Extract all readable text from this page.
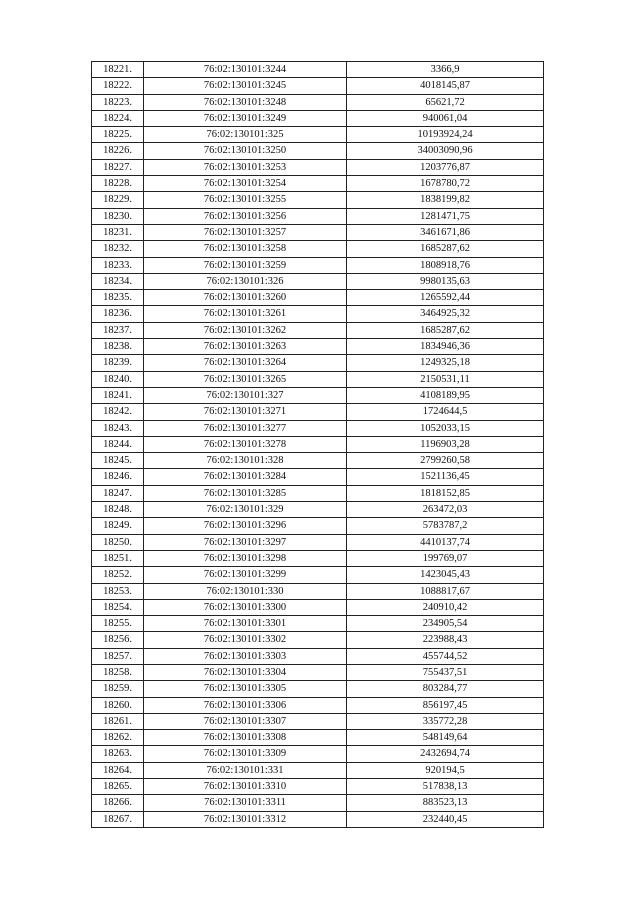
18221.	76:02:130101:3244	3366,9
18222.	76:02:130101:3245	4018145,87
18223.	76:02:130101:3248	65621,72
18224.	76:02:130101:3249	940061,04
18225.	76:02:130101:325	10193924,24
18226.	76:02:130101:3250	34003090,96
18227.	76:02:130101:3253	1203776,87
18228.	76:02:130101:3254	1678780,72
18229.	76:02:130101:3255	1838199,82
18230.	76:02:130101:3256	1281471,75
18231.	76:02:130101:3257	3461671,86
18232.	76:02:130101:3258	1685287,62
18233.	76:02:130101:3259	1808918,76
18234.	76:02:130101:326	9980135,63
18235.	76:02:130101:3260	1265592,44
18236.	76:02:130101:3261	3464925,32
18237.	76:02:130101:3262	1685287,62
18238.	76:02:130101:3263	1834946,36
18239.	76:02:130101:3264	1249325,18
18240.	76:02:130101:3265	2150531,11
18241.	76:02:130101:327	4108189,95
18242.	76:02:130101:3271	1724644,5
18243.	76:02:130101:3277	1052033,15
18244.	76:02:130101:3278	1196903,28
18245.	76:02:130101:328	2799260,58
18246.	76:02:130101:3284	1521136,45
18247.	76:02:130101:3285	1818152,85
18248.	76:02:130101:329	263472,03
18249.	76:02:130101:3296	5783787,2
18250.	76:02:130101:3297	4410137,74
18251.	76:02:130101:3298	199769,07
18252.	76:02:130101:3299	1423045,43
18253.	76:02:130101:330	1088817,67
18254.	76:02:130101:3300	240910,42
18255.	76:02:130101:3301	234905,54
18256.	76:02:130101:3302	223988,43
18257.	76:02:130101:3303	455744,52
18258.	76:02:130101:3304	755437,51
18259.	76:02:130101:3305	803284,77
18260.	76:02:130101:3306	856197,45
18261.	76:02:130101:3307	335772,28
18262.	76:02:130101:3308	548149,64
18263.	76:02:130101:3309	2432694,74
18264.	76:02:130101:331	920194,5
18265.	76:02:130101:3310	517838,13
18266.	76:02:130101:3311	883523,13
18267.	76:02:130101:3312	232440,45
